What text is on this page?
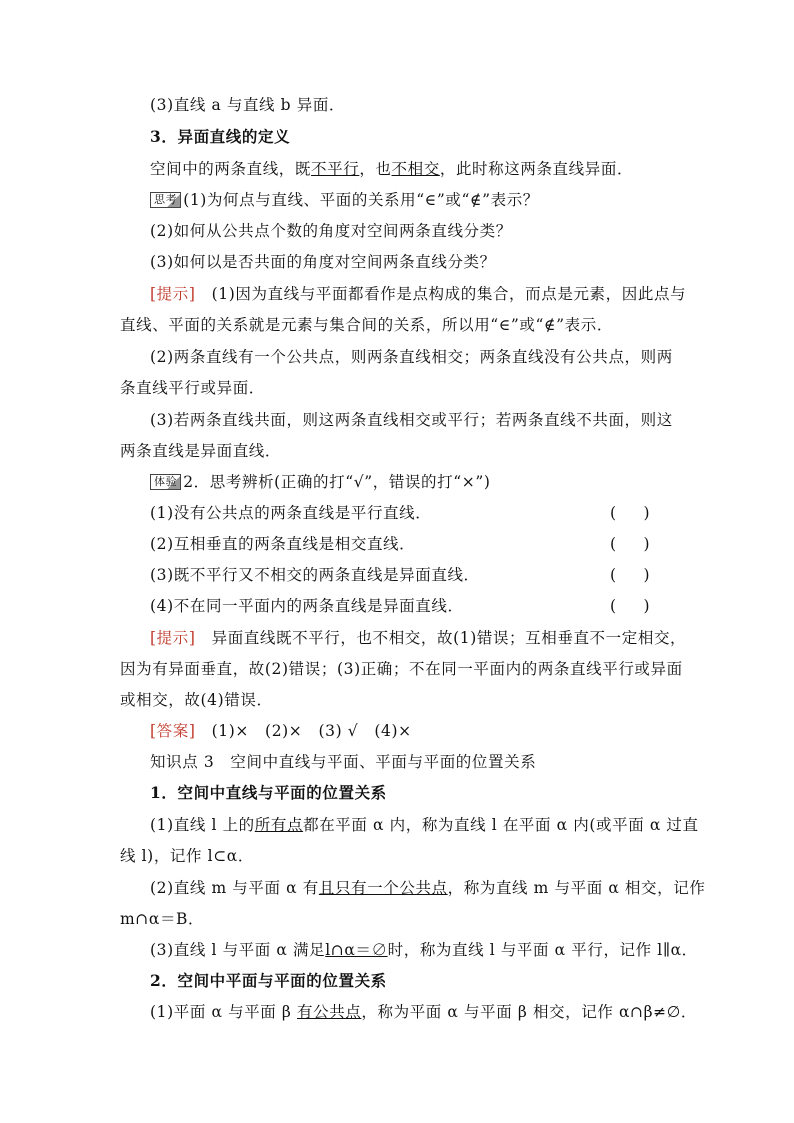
(3)直线 a 与直线 b 异面．
3．异面直线的定义
空间中的两条直线，既不平行，也不相交，此时称这两条直线异面．
思考 (1)为何点与直线、平面的关系用“∈”或“∉”表示？
(2)如何从公共点个数的角度对空间两条直线分类？
(3)如何以是否共面的角度对空间两条直线分类？
[提示]　(1)因为直线与平面都看作是点构成的集合，而点是元素，因此点与
直线、平面的关系就是元素与集合间的关系，所以用“∈”或“∉”表示．
(2)两条直线有一个公共点，则两条直线相交；两条直线没有公共点，则两
条直线平行或异面．
(3)若两条直线共面，则这两条直线相交或平行；若两条直线不共面，则这
两条直线是异面直线．
体验 2．思考辨析(正确的打“√”，错误的打“×”)
(1)没有公共点的两条直线是平行直线．	(　)
(2)互相垂直的两条直线是相交直线．	(　)
(3)既不平行又不相交的两条直线是异面直线．	(　)
(4)不在同一平面内的两条直线是异面直线．	(　)
[提示]　异面直线既不平行，也不相交，故(1)错误；互相垂直不一定相交，
因为有异面垂直，故(2)错误；(3)正确；不在同一平面内的两条直线平行或异面
或相交，故(4)错误．
[答案]　(1)×　(2)×　(3) √　(4)×
知识点 3　空间中直线与平面、平面与平面的位置关系
1．空间中直线与平面的位置关系
(1)直线 l 上的所有点都在平面 α 内，称为直线 l 在平面 α 内(或平面 α 过直
线 l)，记作 l⊂α．
(2)直线 m 与平面 α 有且只有一个公共点，称为直线 m 与平面 α 相交，记作
m∩α＝B．
(3)直线 l 与平面 α 满足l∩α＝∅时，称为直线 l 与平面 α 平行，记作 l∥α．
2．空间中平面与平面的位置关系
(1)平面 α 与平面 β 有公共点，称为平面 α 与平面 β 相交，记作 α∩β≠∅．
